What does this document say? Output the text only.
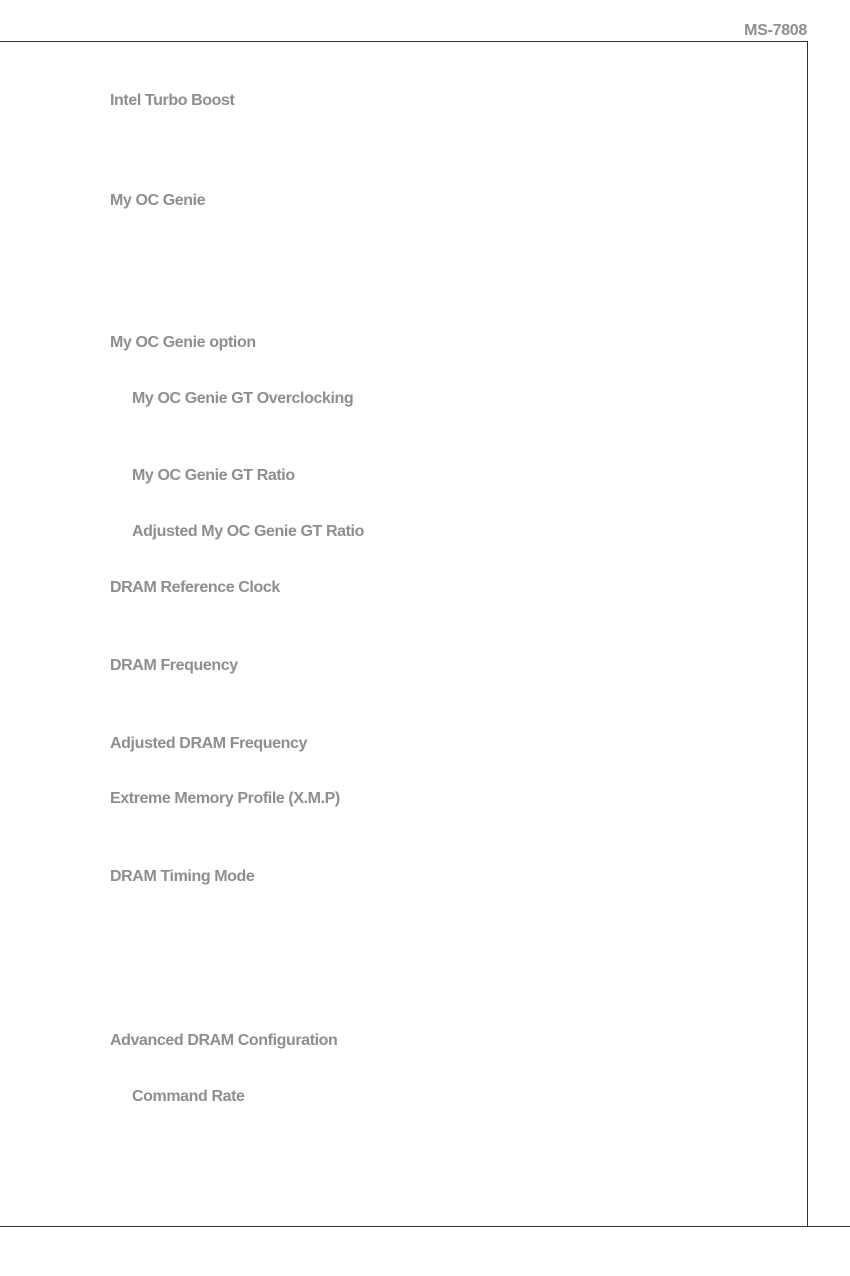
MS-7808
Intel Turbo Boost
My OC Genie
My OC Genie option
My OC Genie GT Overclocking
My OC Genie GT Ratio
Adjusted My OC Genie GT Ratio
DRAM Reference Clock
DRAM Frequency
Adjusted DRAM Frequency
Extreme Memory Profile (X.M.P)
DRAM Timing Mode
Advanced DRAM Configuration
Command Rate
